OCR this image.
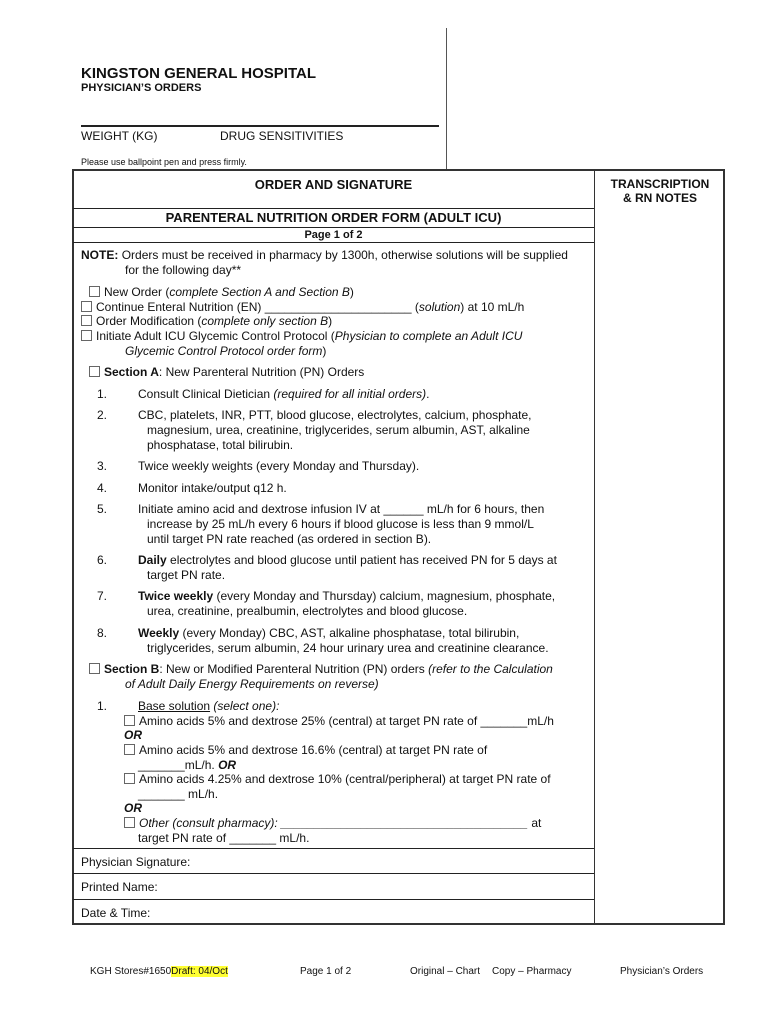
KINGSTON GENERAL HOSPITAL
PHYSICIAN’S ORDERS
WEIGHT (KG)	DRUG SENSITIVITIES
Please use ballpoint pen and press firmly.
ORDER AND SIGNATURE	TRANSCRIPTION
& RN NOTES
PARENTERAL NUTRITION ORDER FORM (ADULT ICU)
Page 1 of 2
NOTE: Orders must be received in pharmacy by 1300h, otherwise solutions will be supplied
for the following day**
New Order (complete Section A and Section B)
Continue Enteral Nutrition (EN) ______________________ (solution) at 10 mL/h
Order Modification (complete only section B)
Initiate Adult ICU Glycemic Control Protocol (Physician to complete an Adult ICU
Glycemic Control Protocol order form)
Section A: New Parenteral Nutrition (PN) Orders
1.	Consult Clinical Dietician (required for all initial orders).
2.	CBC, platelets, INR, PTT, blood glucose, electrolytes, calcium, phosphate,
magnesium, urea, creatinine, triglycerides, serum albumin, AST, alkaline
phosphatase, total bilirubin.
3.	Twice weekly weights (every Monday and Thursday).
4.	Monitor intake/output q12 h.
5.	Initiate amino acid and dextrose infusion IV at ______ mL/h for 6 hours, then
increase by 25 mL/h every 6 hours if blood glucose is less than 9 mmol/L
until target PN rate reached (as ordered in section B).
6.	Daily electrolytes and blood glucose until patient has received PN for 5 days at
target PN rate.
7.	Twice weekly (every Monday and Thursday) calcium, magnesium, phosphate,
urea, creatinine, prealbumin, electrolytes and blood glucose.
8.	Weekly (every Monday) CBC, AST, alkaline phosphatase, total bilirubin,
triglycerides, serum albumin, 24 hour urinary urea and creatinine clearance.
Section B: New or Modified Parenteral Nutrition (PN) orders (refer to the Calculation
of Adult Daily Energy Requirements on reverse)
1.	Base solution (select one):
Amino acids 5% and dextrose 25% (central) at target PN rate of _______mL/h
OR
Amino acids 5% and dextrose 16.6% (central) at target PN rate of
_______mL/h. OR
Amino acids 4.25% and dextrose 10% (central/peripheral) at target PN rate of
_______ mL/h.
OR
Other (consult pharmacy): _____________________________________ at
target PN rate of _______ mL/h.
Physician Signature:
Printed Name:
Date & Time:
KGH Stores#1650Draft: 04/Oct	Page 1 of 2	Original – Chart Copy – Pharmacy	Physician’s Orders
